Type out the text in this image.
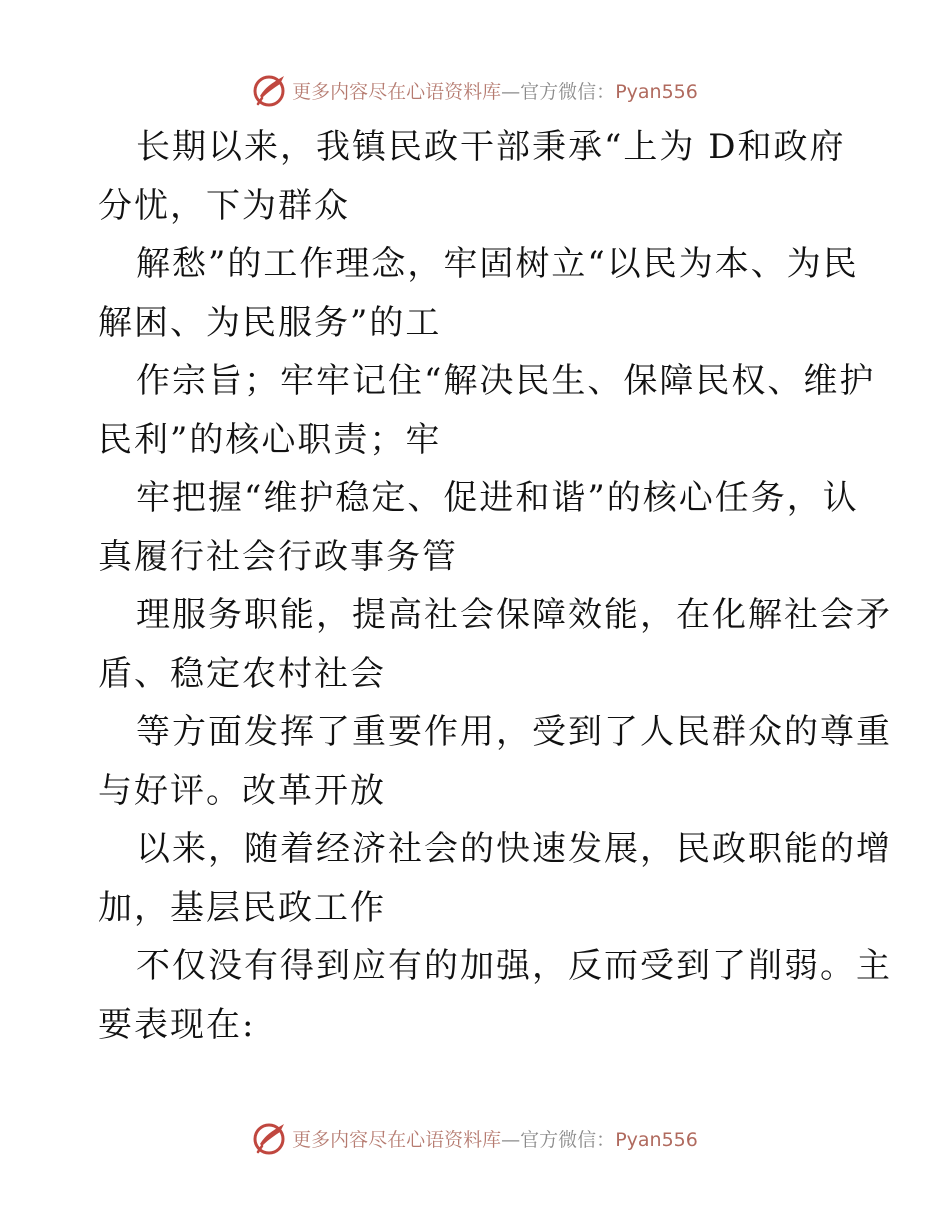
更多内容尽在心语资料库—官方微信：Pyan556
长期以来，我镇民政干部秉承“上为 D和政府
分忧，下为群众
解愁”的工作理念，牢固树立“以民为本、为民
解困、为民服务”的工
作宗旨；牢牢记住“解决民生、保障民权、维护
民利”的核心职责；牢
牢把握“维护稳定、促进和谐”的核心任务，认
真履行社会行政事务管
理服务职能，提高社会保障效能，在化解社会矛
盾、稳定农村社会
等方面发挥了重要作用，受到了人民群众的尊重
与好评。改革开放
以来，随着经济社会的快速发展，民政职能的增
加，基层民政工作
不仅没有得到应有的加强，反而受到了削弱。主
要表现在:
更多内容尽在心语资料库—官方微信：Pyan556
